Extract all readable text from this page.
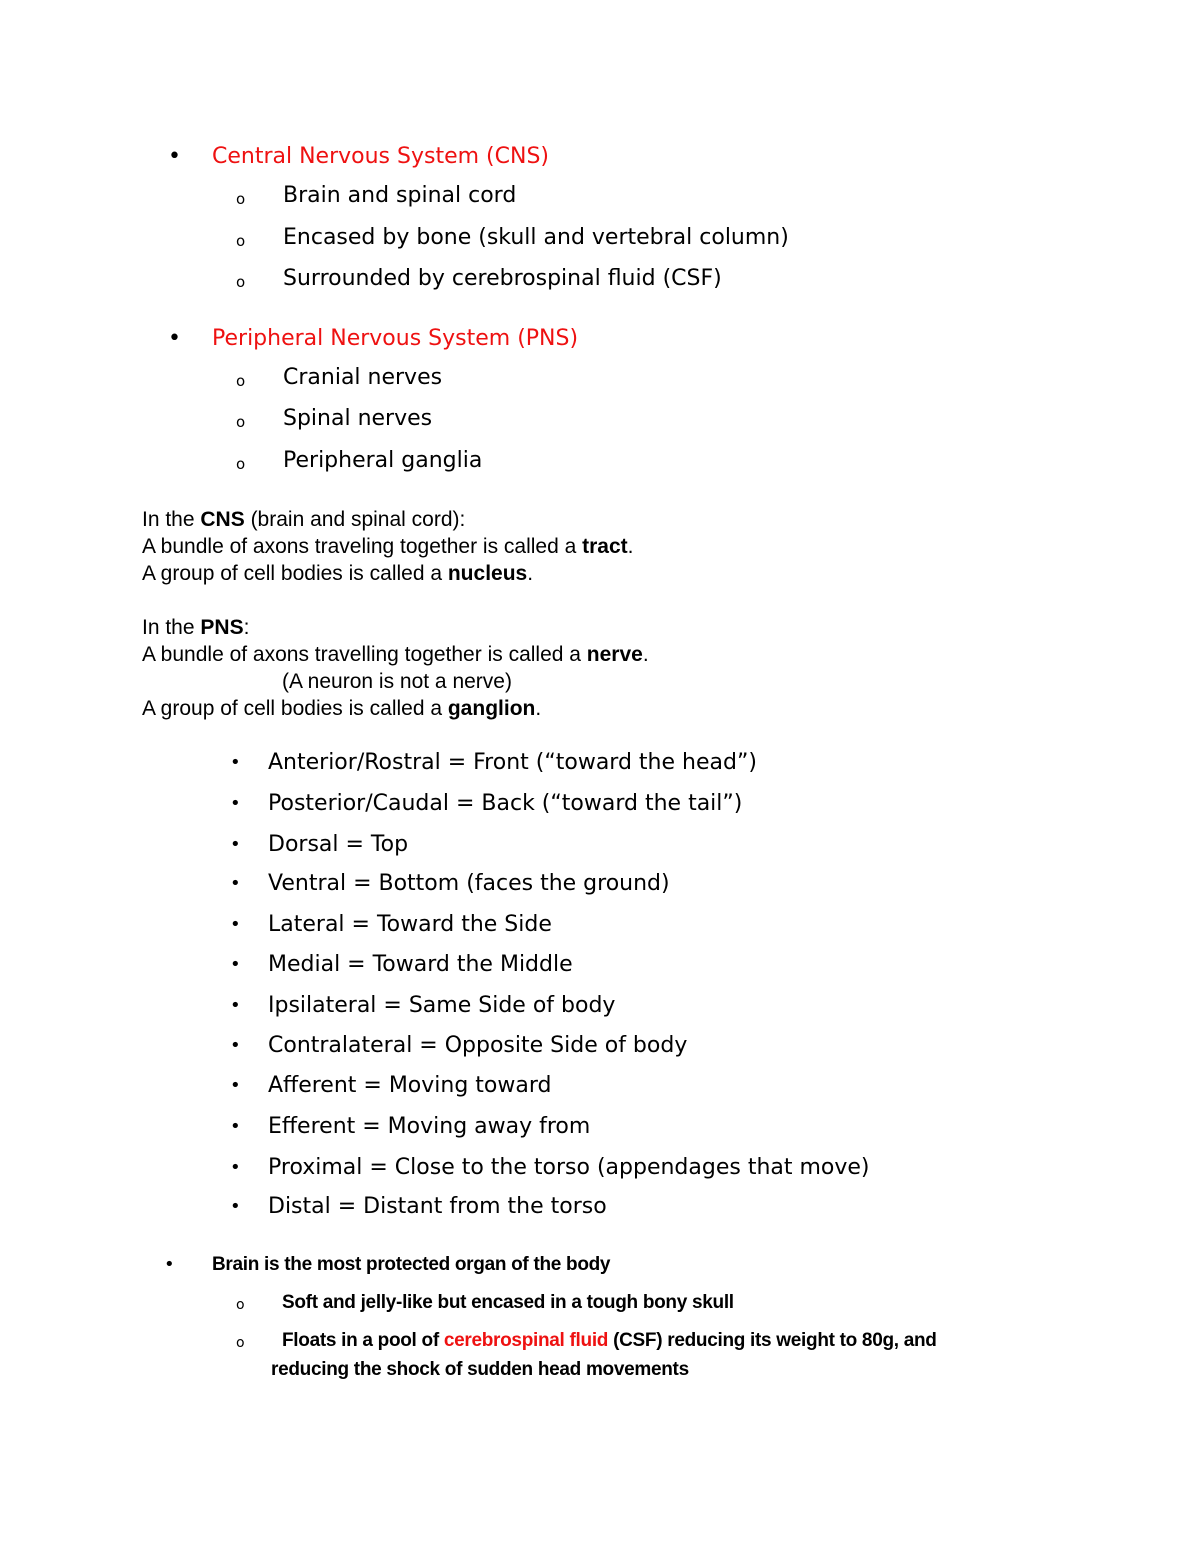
• Central Nervous System (CNS)
o Brain and spinal cord
o Encased by bone (skull and vertebral column)
o Surrounded by cerebrospinal fluid (CSF)
• Peripheral Nervous System (PNS)
o Cranial nerves
o Spinal nerves
o Peripheral ganglia
In the CNS (brain and spinal cord):
A bundle of axons traveling together is called a tract.
A group of cell bodies is called a nucleus.
In the PNS:
A bundle of axons travelling together is called a nerve.
(A neuron is not a nerve)
A group of cell bodies is called a ganglion.
• Anterior/Rostral = Front (“toward the head”)
• Posterior/Caudal = Back (“toward the tail”)
• Dorsal = Top
• Ventral = Bottom (faces the ground)
• Lateral = Toward the Side
• Medial = Toward the Middle
• Ipsilateral = Same Side of body
• Contralateral = Opposite Side of body
• Afferent = Moving toward
• Efferent = Moving away from
• Proximal = Close to the torso (appendages that move)
• Distal = Distant from the torso
• Brain is the most protected organ of the body
o Soft and jelly-like but encased in a tough bony skull
o Floats in a pool of cerebrospinal fluid (CSF) reducing its weight to 80g, and
reducing the shock of sudden head movements
